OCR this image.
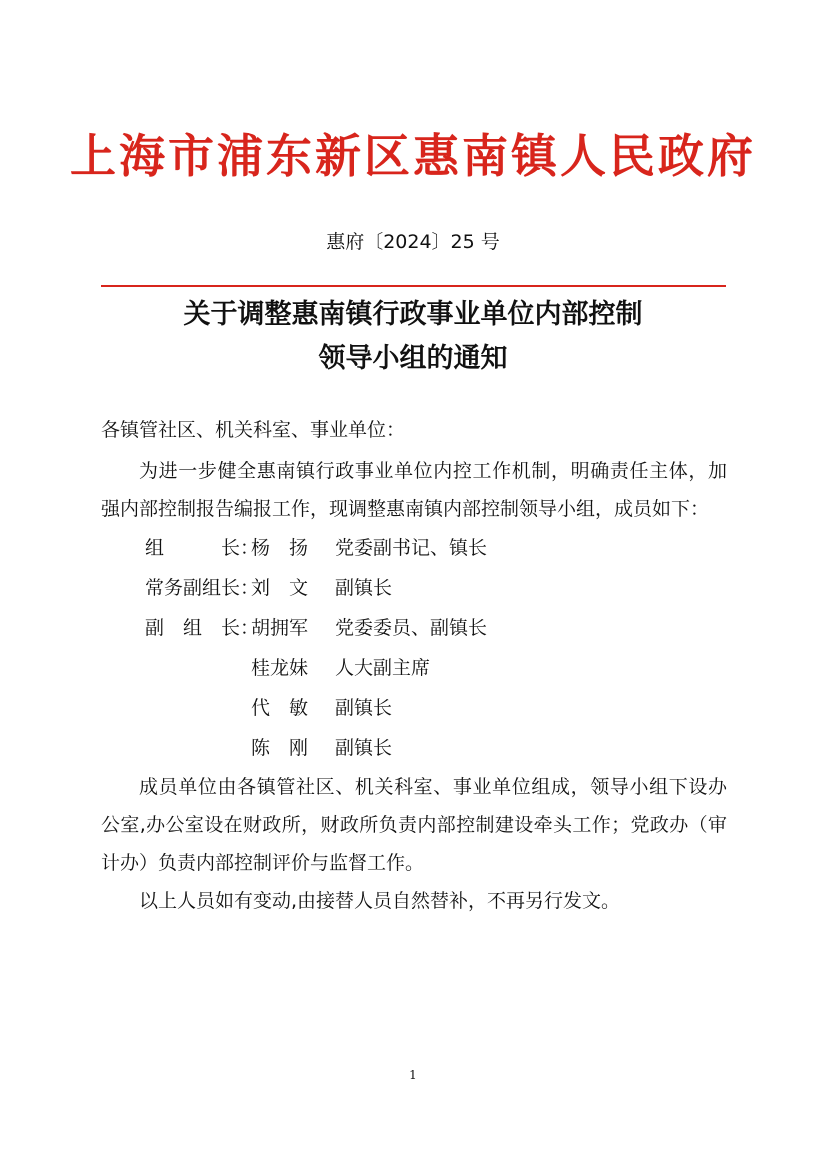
上海市浦东新区惠南镇人民政府
惠府〔2024〕25 号
关于调整惠南镇行政事业单位内部控制
领导小组的通知
各镇管社区、机关科室、事业单位：

为进一步健全惠南镇行政事业单位内控工作机制，明确责任主体，加强内部控制报告编报工作，现调整惠南镇内部控制领导小组，成员如下：

组　　　长：
杨　扬	党委副书记、镇长
常务副组长：
刘　文	副镇长
副　组　长：
胡拥军	党委委员、副镇长
桂龙妹	人大副主席
代　敏	副镇长
陈　刚	副镇长

成员单位由各镇管社区、机关科室、事业单位组成，领导小组下设办公室,办公室设在财政所，财政所负责内部控制建设牵头工作；党政办（审计办）负责内部控制评价与监督工作。

以上人员如有变动,由接替人员自然替补，不再另行发文。

1
